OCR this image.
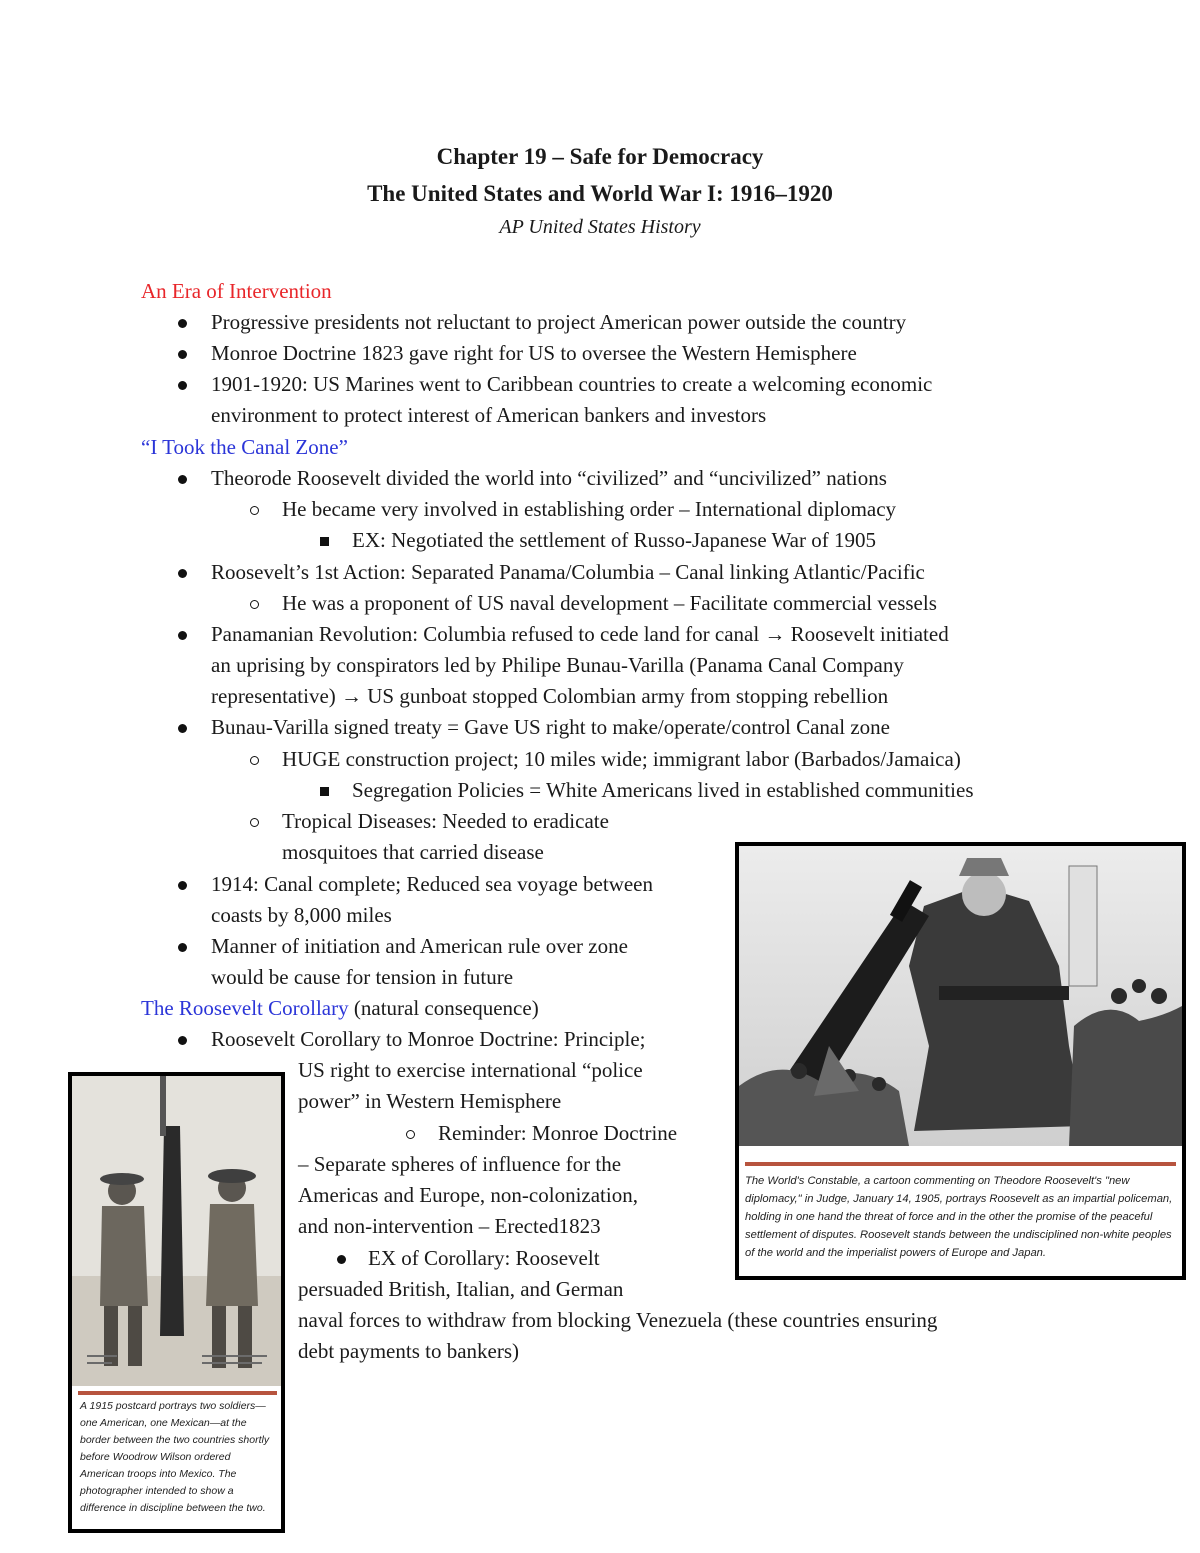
Chapter 19 – Safe for Democracy
The United States and World War I: 1916–1920
AP United States History
An Era of Intervention
Progressive presidents not reluctant to project American power outside the country
Monroe Doctrine 1823 gave right for US to oversee the Western Hemisphere
1901-1920: US Marines went to Caribbean countries to create a welcoming economic
environment to protect interest of American bankers and investors
“I Took the Canal Zone”
Theorode Roosevelt divided the world into “civilized” and “uncivilized” nations
He became very involved in establishing order – International diplomacy
EX: Negotiated the settlement of Russo-Japanese War of 1905
Roosevelt’s 1st Action: Separated Panama/Columbia – Canal linking Atlantic/Pacific
He was a proponent of US naval development – Facilitate commercial vessels
Panamanian Revolution: Columbia refused to cede land for canal → Roosevelt initiated
an uprising by conspirators led by Philipe Bunau-Varilla (Panama Canal Company
representative) → US gunboat stopped Colombian army from stopping rebellion
Bunau-Varilla signed treaty = Gave US right to make/operate/control Canal zone
HUGE construction project; 10 miles wide; immigrant labor (Barbados/Jamaica)
Segregation Policies = White Americans lived in established communities
Tropical Diseases: Needed to eradicate
mosquitoes that carried disease
1914: Canal complete; Reduced sea voyage between
coasts by 8,000 miles
Manner of initiation and American rule over zone
would be cause for tension in future
The Roosevelt Corollary (natural consequence)
Roosevelt Corollary to Monroe Doctrine: Principle;
US right to exercise international “police
power” in Western Hemisphere
Reminder: Monroe Doctrine
– Separate spheres of influence for the
Americas and Europe, non-colonization,
and non-intervention – Erected1823
EX of Corollary: Roosevelt
persuaded British, Italian, and German
naval forces to withdraw from blocking Venezuela (these countries ensuring
debt payments to bankers)
The World's Constable, a cartoon commenting on Theodore Roosevelt's "new diplomacy," in Judge, January 14, 1905, portrays Roosevelt as an impartial policeman, holding in one hand the threat of force and in the other the promise of the peaceful settlement of disputes. Roosevelt stands between the undisciplined non-white peoples of the world and the imperialist powers of Europe and Japan.
A 1915 postcard portrays two soldiers—one American, one Mexican—at the border between the two countries shortly before Woodrow Wilson ordered American troops into Mexico. The photographer intended to show a difference in discipline between the two.
